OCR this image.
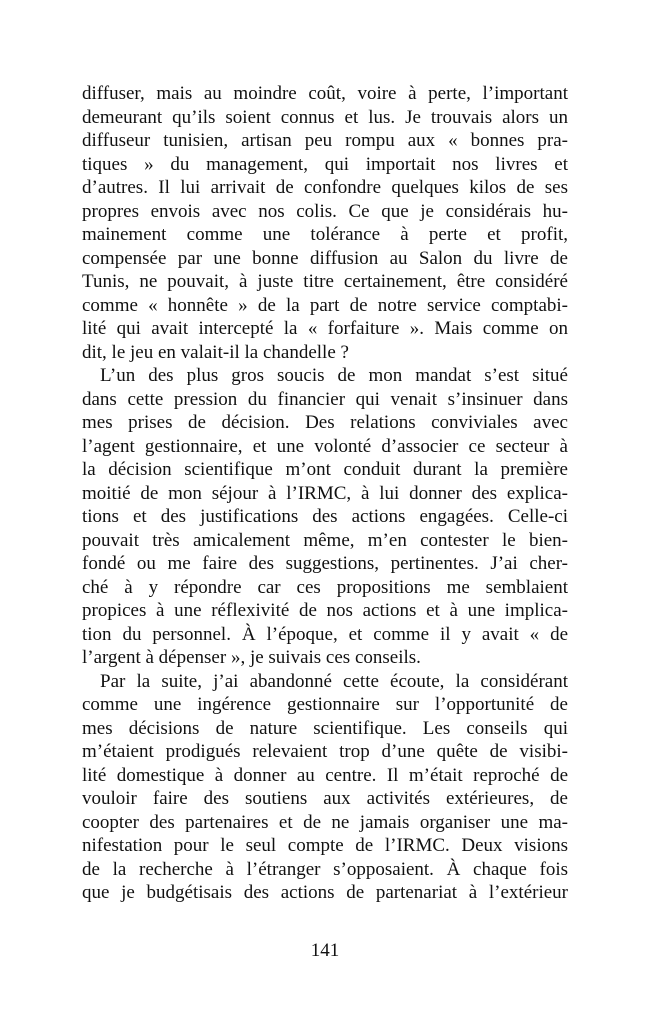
diffuser, mais au moindre coût, voire à perte, l’important
demeurant qu’ils soient connus et lus. Je trouvais alors un
diffuseur tunisien, artisan peu rompu aux « bonnes pra-
tiques » du management, qui importait nos livres et
d’autres. Il lui arrivait de confondre quelques kilos de ses
propres envois avec nos colis. Ce que je considérais hu-
mainement comme une tolérance à perte et profit,
compensée par une bonne diffusion au Salon du livre de
Tunis, ne pouvait, à juste titre certainement, être considéré
comme « honnête » de la part de notre service comptabi-
lité qui avait intercepté la « forfaiture ». Mais comme on
dit, le jeu en valait-il la chandelle ?
L’un des plus gros soucis de mon mandat s’est situé
dans cette pression du financier qui venait s’insinuer dans
mes prises de décision. Des relations conviviales avec
l’agent gestionnaire, et une volonté d’associer ce secteur à
la décision scientifique m’ont conduit durant la première
moitié de mon séjour à l’IRMC, à lui donner des explica-
tions et des justifications des actions engagées. Celle-ci
pouvait très amicalement même, m’en contester le bien-
fondé ou me faire des suggestions, pertinentes. J’ai cher-
ché à y répondre car ces propositions me semblaient
propices à une réflexivité de nos actions et à une implica-
tion du personnel. À l’époque, et comme il y avait « de
l’argent à dépenser », je suivais ces conseils.
Par la suite, j’ai abandonné cette écoute, la considérant
comme une ingérence gestionnaire sur l’opportunité de
mes décisions de nature scientifique. Les conseils qui
m’étaient prodigués relevaient trop d’une quête de visibi-
lité domestique à donner au centre. Il m’était reproché de
vouloir faire des soutiens aux activités extérieures, de
coopter des partenaires et de ne jamais organiser une ma-
nifestation pour le seul compte de l’IRMC. Deux visions
de la recherche à l’étranger s’opposaient. À chaque fois
que je budgétisais des actions de partenariat à l’extérieur
141
